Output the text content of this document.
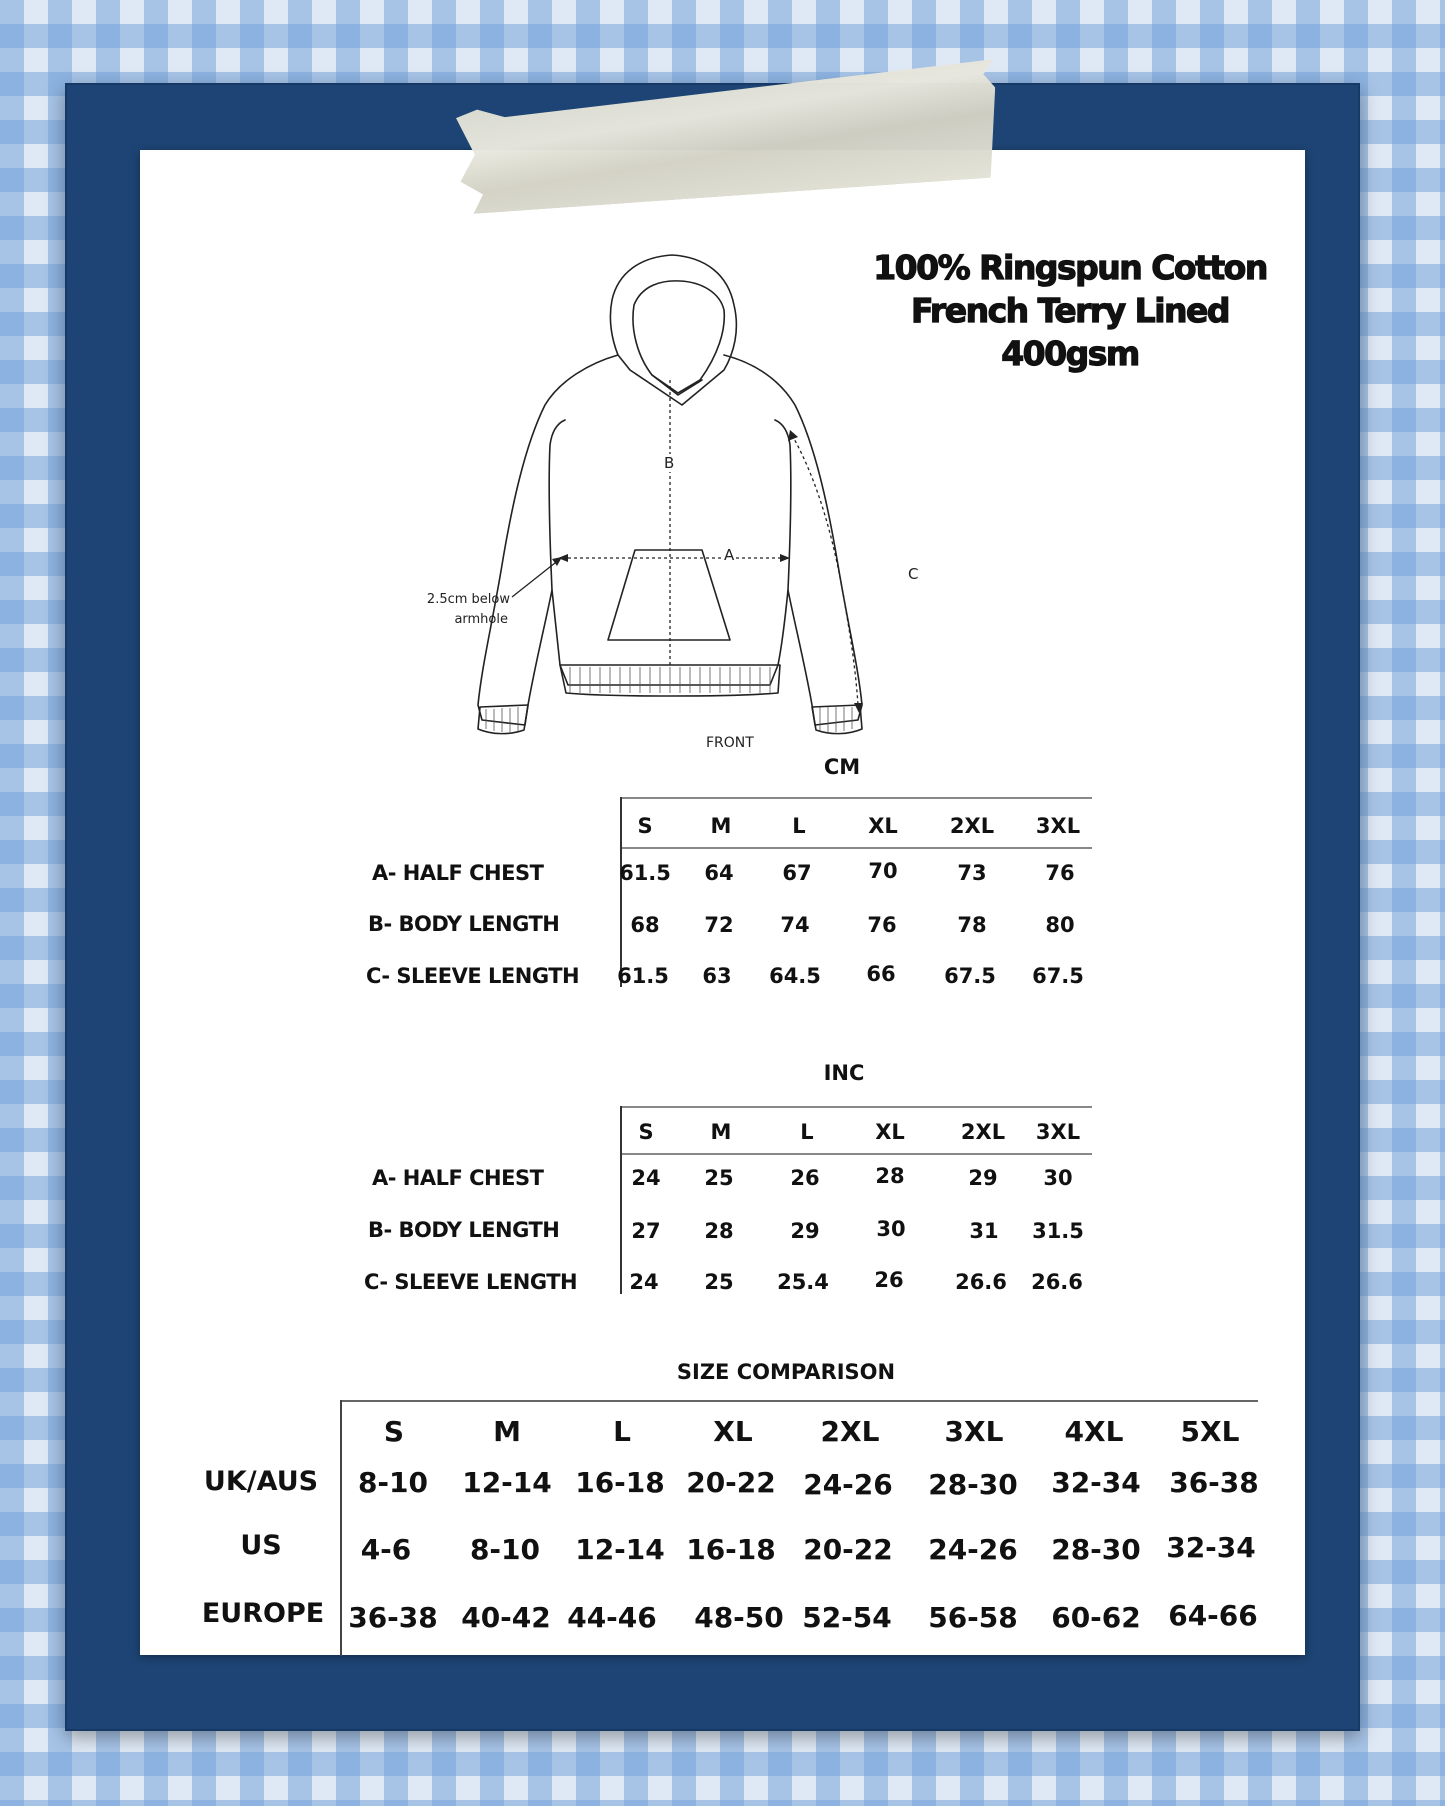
100% Ringspun Cotton
French Terry Lined
400gsm
B
A
C
2.5cm below
armhole
FRONT
CM
S	M	L	XL	2XL	3XL
A- HALF CHEST	61.5	64	67	70	73	76
B- BODY LENGTH	68	72	74	76	78	80
C- SLEEVE LENGTH	61.5	63	64.5	66	67.5	67.5
INC
S	M	L	XL	2XL	3XL
A- HALF CHEST	24	25	26	28	29	30
B- BODY LENGTH	27	28	29	30	31	31.5
C- SLEEVE LENGTH	24	25	25.4	26	26.6	26.6
SIZE COMPARISON
S	M	L	XL	2XL	3XL	4XL	5XL
UK/AUS	8-10	12-14 16-18 20-22 24-26	28-30	32-34	36-38
US	4-6	8-10	12-14 16-18 20-22	24-26	28-30 32-34
EUROPE 36-38 40-42 44-46	48-50 52-54	56-58	60-62 64-66
